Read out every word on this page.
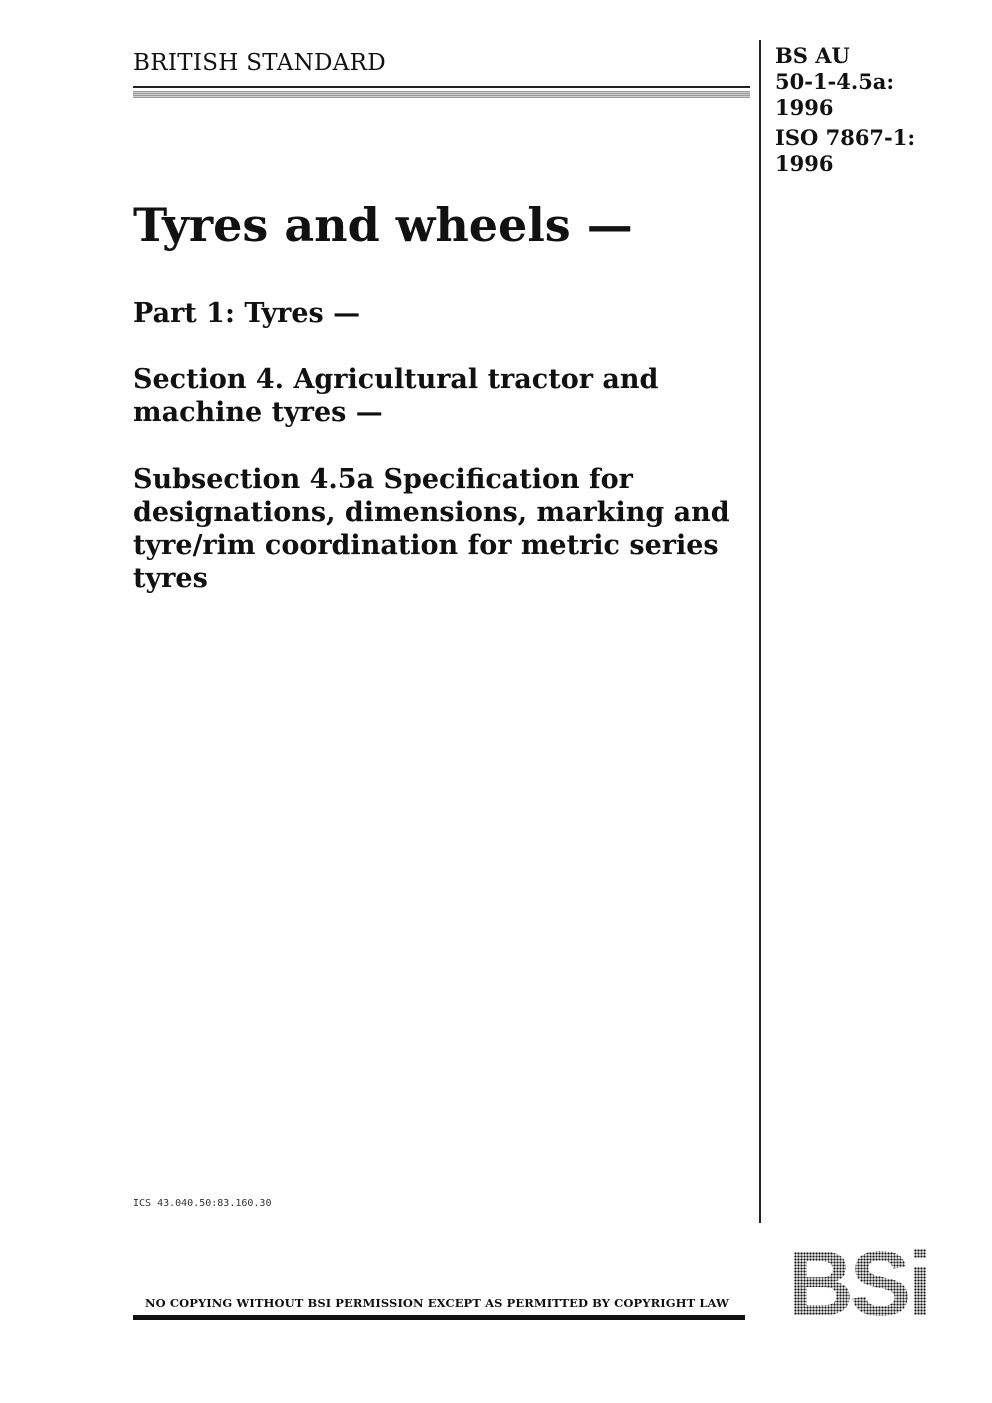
BRITISH STANDARD	BS AU
50-1-4.5a:
1996
ISO 7867-1:
1996
Tyres and wheels —
Part 1: Tyres —
Section 4. Agricultural tractor and
machine tyres —
Subsection 4.5a Specification for
designations, dimensions, marking and
tyre/rim coordination for metric series
tyres
ICS 43.040.50:83.160.30
NO COPYING WITHOUT BSI PERMISSION EXCEPT AS PERMITTED BY COPYRIGHT LAW
